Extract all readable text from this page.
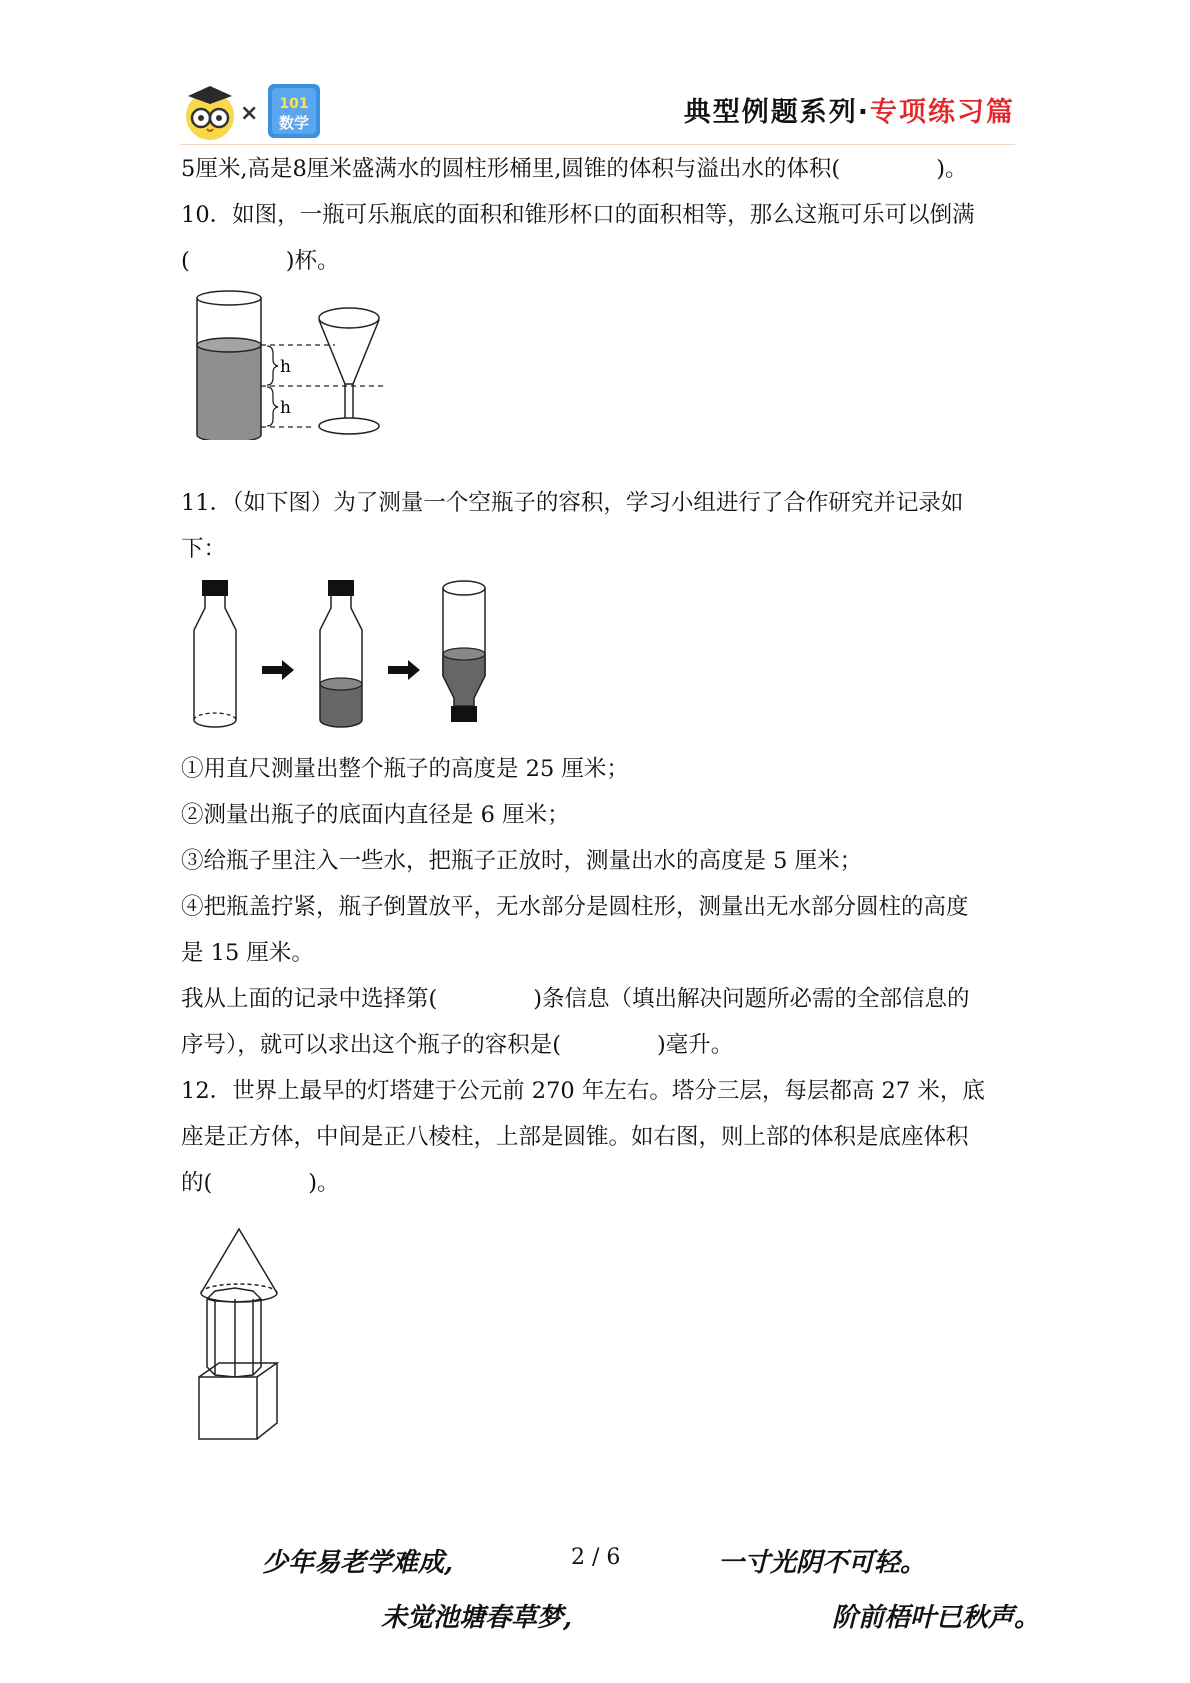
× 101
数学	典型例题系列·专项练习篇
5厘米,高是8厘米盛满水的圆柱形桶里,圆锥的体积与溢出水的体积(	)。
10．如图，一瓶可乐瓶底的面积和锥形杯口的面积相等，那么这瓶可乐可以倒满
(	)杯。
h
h
11．（如下图）为了测量一个空瓶子的容积，学习小组进行了合作研究并记录如
下：
①用直尺测量出整个瓶子的高度是 25 厘米；
②测量出瓶子的底面内直径是 6 厘米；
③给瓶子里注入一些水，把瓶子正放时，测量出水的高度是 5 厘米；
④把瓶盖拧紧，瓶子倒置放平，无水部分是圆柱形，测量出无水部分圆柱的高度
是 15 厘米。
我从上面的记录中选择第(	)条信息（填出解决问题所必需的全部信息的
序号），就可以求出这个瓶子的容积是(	)毫升。
12．世界上最早的灯塔建于公元前 270 年左右。塔分三层，每层都高 27 米，底
座是正方体，中间是正八棱柱，上部是圆锥。如右图，则上部的体积是底座体积
的(	)。
少年易老学难成,	2 / 6	一寸光阴不可轻。
未觉池塘春草梦,	阶前梧叶已秋声。
